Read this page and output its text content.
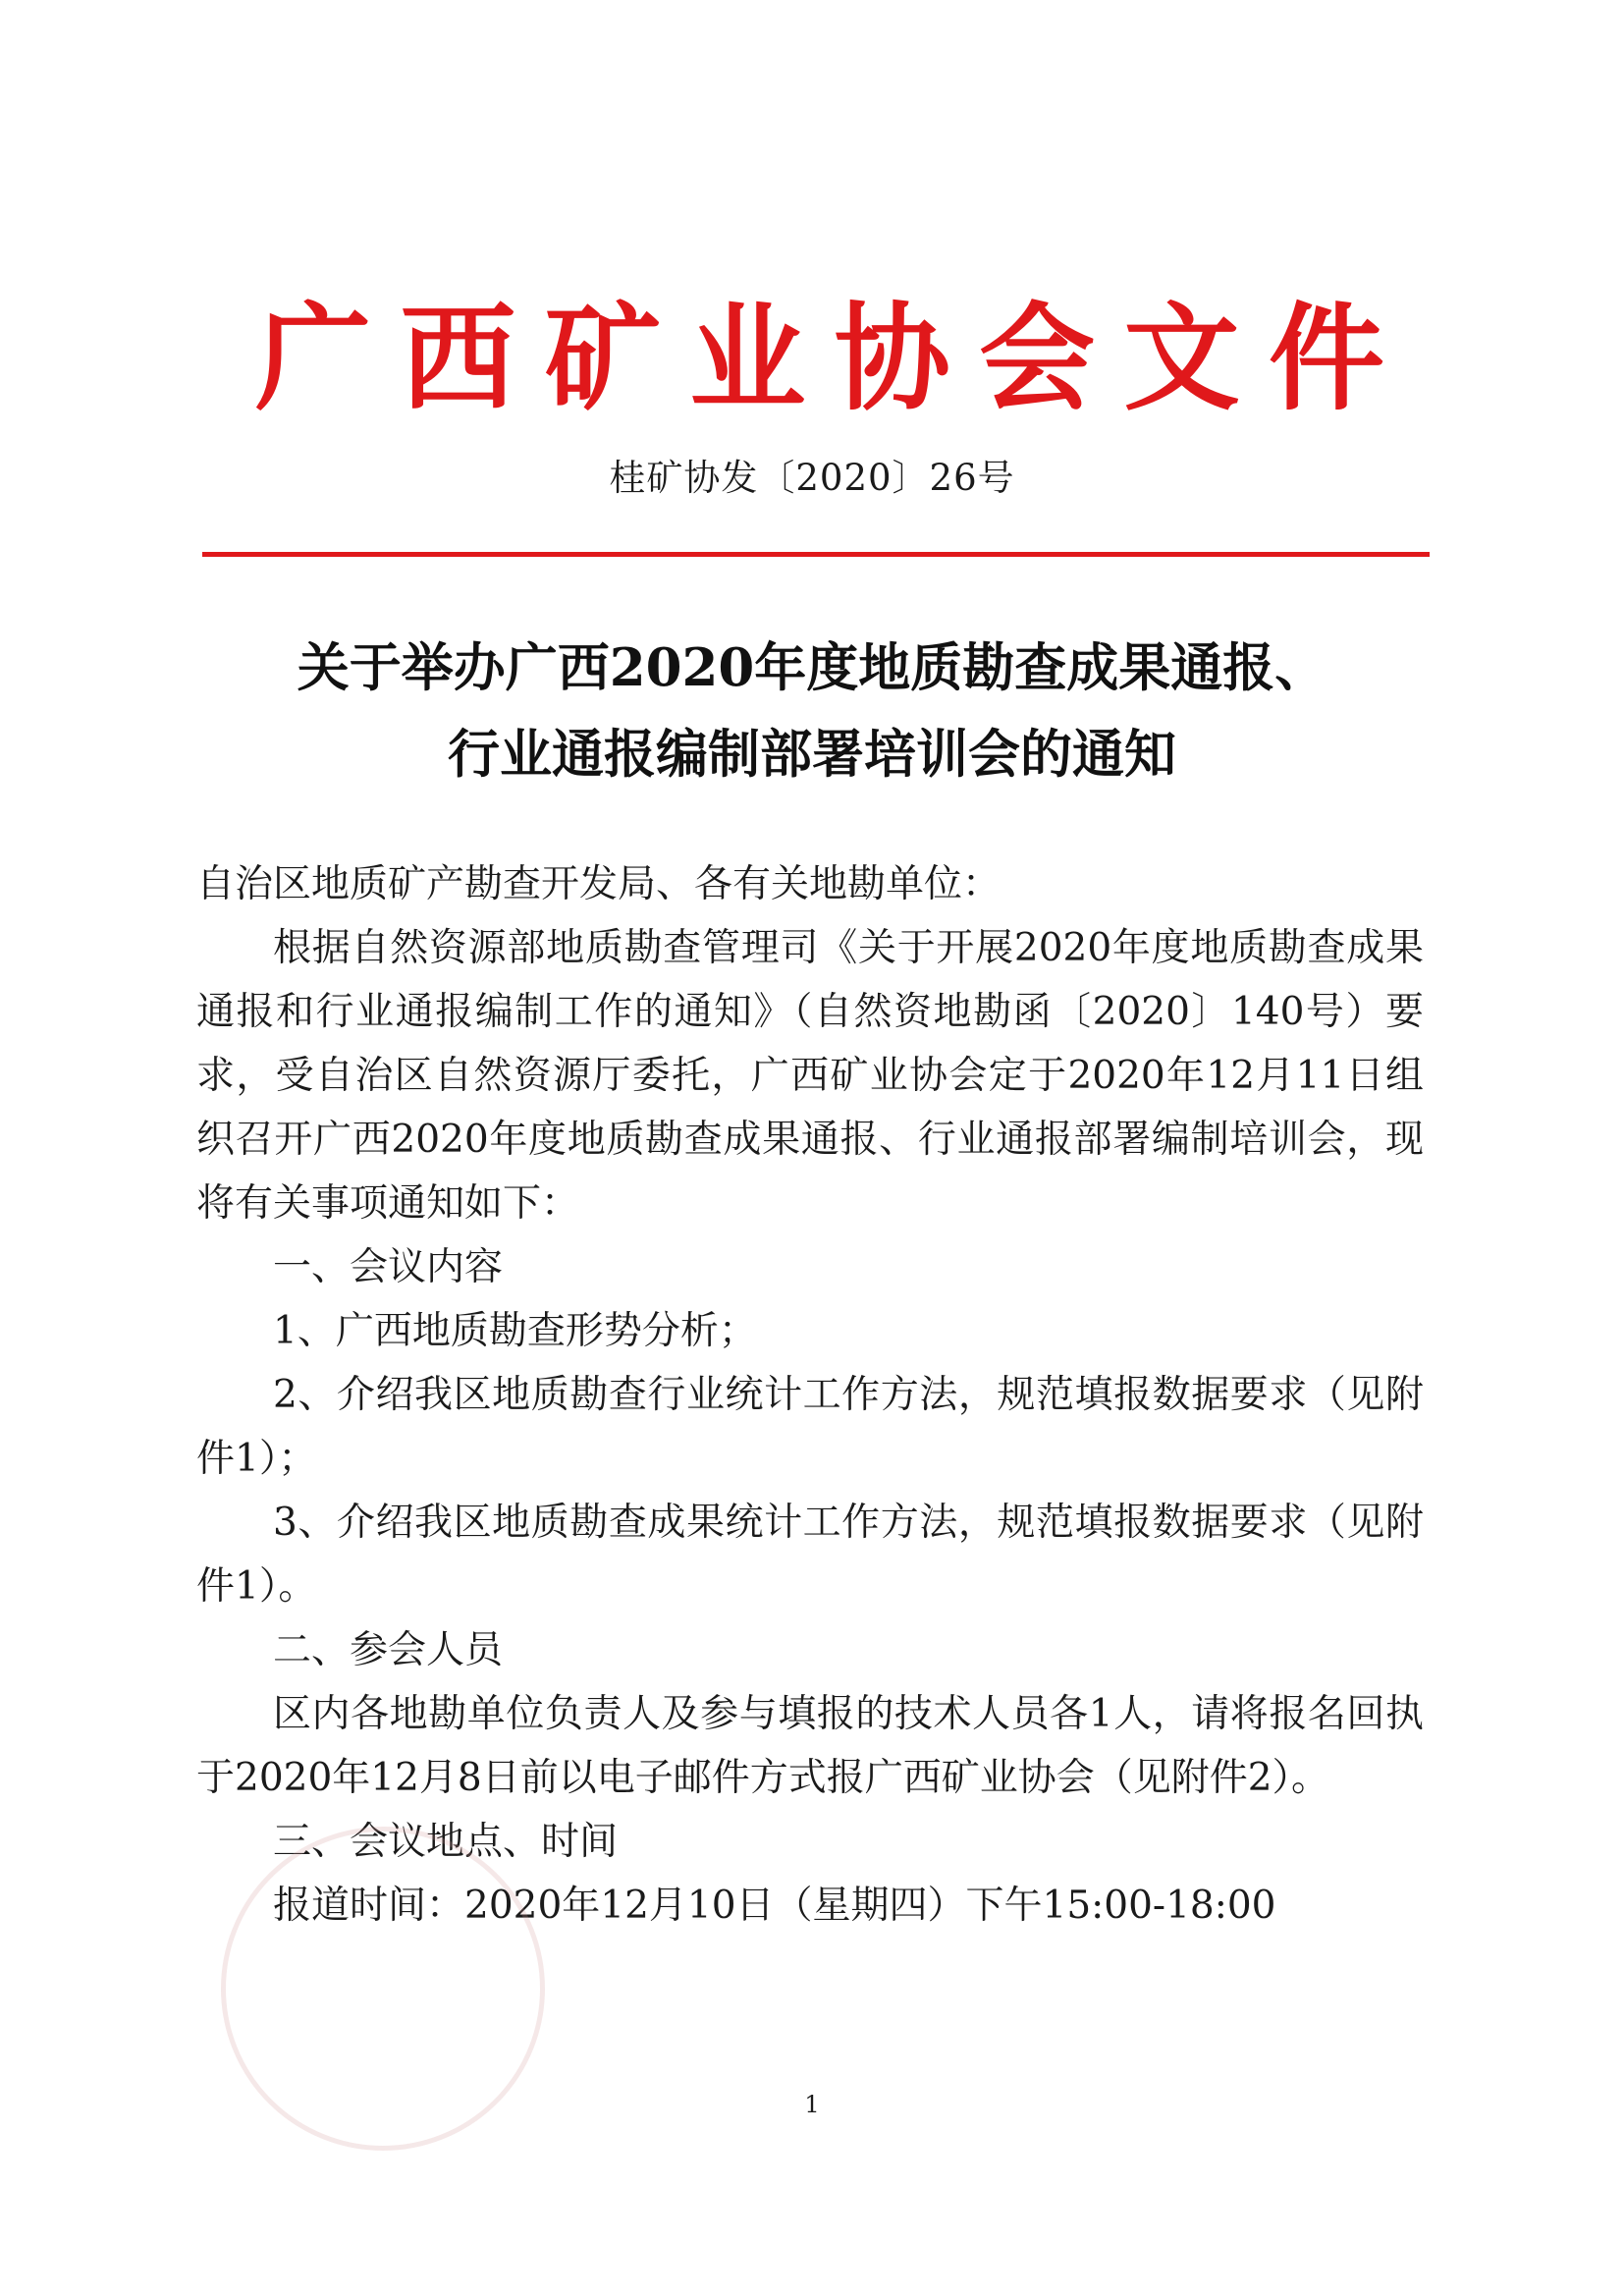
广 西 矿 业 协 会 文 件
桂矿协发〔2020〕26号
关于举办广西2020年度地质勘查成果通报、
行业通报编制部署培训会的通知

自治区地质矿产勘查开发局、各有关地勘单位：

根据自然资源部地质勘查管理司《关于开展2020年度地质勘查成果通报和行业通报编制工作的通知》（自然资地勘函〔2020〕140号）要求，受自治区自然资源厅委托，广西矿业协会定于2020年12月11日组织召开广西2020年度地质勘查成果通报、行业通报部署编制培训会，现将有关事项通知如下：

一、会议内容

1、广西地质勘查形势分析；

2、介绍我区地质勘查行业统计工作方法，规范填报数据要求（见附件1）；

3、介绍我区地质勘查成果统计工作方法，规范填报数据要求（见附件1）。

二、参会人员

区内各地勘单位负责人及参与填报的技术人员各1人，请将报名回执于2020年12月8日前以电子邮件方式报广西矿业协会（见附件2）。

三、会议地点、时间

报道时间：2020年12月10日（星期四）下午15:00-18:00

1
